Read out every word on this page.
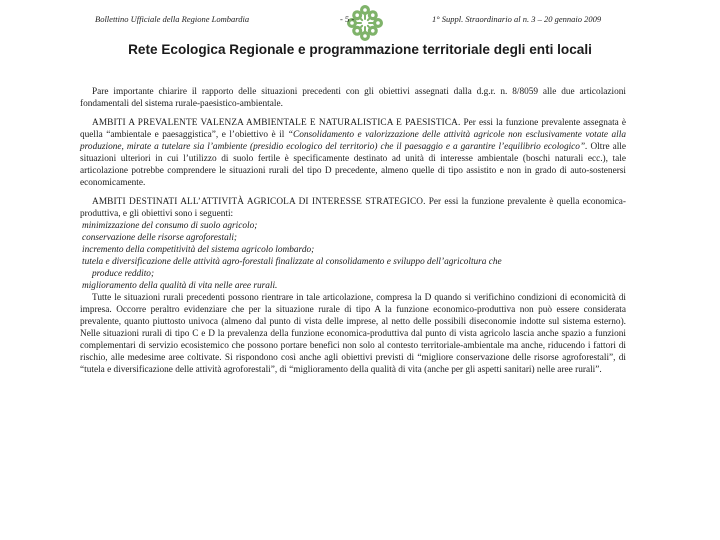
Bollettino Ufficiale della Regione Lombardia	- 5 -	1° Suppl. Straordinario al n. 3 – 20 gennaio 2009
Rete Ecologica Regionale e programmazione territoriale degli enti locali

Pare importante chiarire il rapporto delle situazioni precedenti con gli obiettivi assegnati dalla d.g.r. n. 8/8059 alle due articolazioni fondamentali del sistema rurale-paesistico-ambientale.

AMBITI A PREVALENTE VALENZA AMBIENTALE E NATURALISTICA E PAESISTICA. Per essi la funzione prevalente assegnata è quella “ambientale e paesaggistica”, e l’obiettivo è il “Consolidamento e valorizzazione delle attività agricole non esclusivamente votate alla produzione, mirate a tutelare sia l’ambiente (presidio ecologico del territorio) che il paesaggio e a garantire l’equilibrio ecologico”. Oltre alle situazioni ulteriori in cui l’utilizzo di suolo fertile è specificamente destinato ad unità di interesse ambientale (boschi naturali ecc.), tale articolazione potrebbe comprendere le situazioni rurali del tipo D precedente, almeno quelle di tipo assistito e non in grado di auto-sostenersi economicamente.

AMBITI DESTINATI ALL’ATTIVITÀ AGRICOLA DI INTERESSE STRATEGICO. Per essi la funzione prevalente è quella economica-produttiva, e gli obiettivi sono i seguenti:

minimizzazione del consumo di suolo agricolo;
conservazione delle risorse agroforestali;
incremento della competitività del sistema agricolo lombardo;
tutela e diversificazione delle attività agro-forestali finalizzate al consolidamento e sviluppo dell’agricoltura che
produce reddito;
miglioramento della qualità di vita nelle aree rurali.

Tutte le situazioni rurali precedenti possono rientrare in tale articolazione, compresa la D quando si verifichino condizioni di economicità di impresa. Occorre peraltro evidenziare che per la situazione rurale di tipo A la funzione economico-produttiva non può essere considerata prevalente, quanto piuttosto univoca (almeno dal punto di vista delle imprese, al netto delle possibili diseconomie indotte sul sistema esterno). Nelle situazioni rurali di tipo C e D la prevalenza della funzione economica-produttiva dal punto di vista agricolo lascia anche spazio a funzioni complementari di servizio ecosistemico che possono portare benefici non solo al contesto territoriale-ambientale ma anche, riducendo i fattori di rischio, alle medesime aree coltivate. Si rispondono così anche agli obiettivi previsti di “migliore conservazione delle risorse agroforestali”, di “tutela e diversificazione delle attività agroforestali”, di “miglioramento della qualità di vita (anche per gli aspetti sanitari) nelle aree rurali”.
